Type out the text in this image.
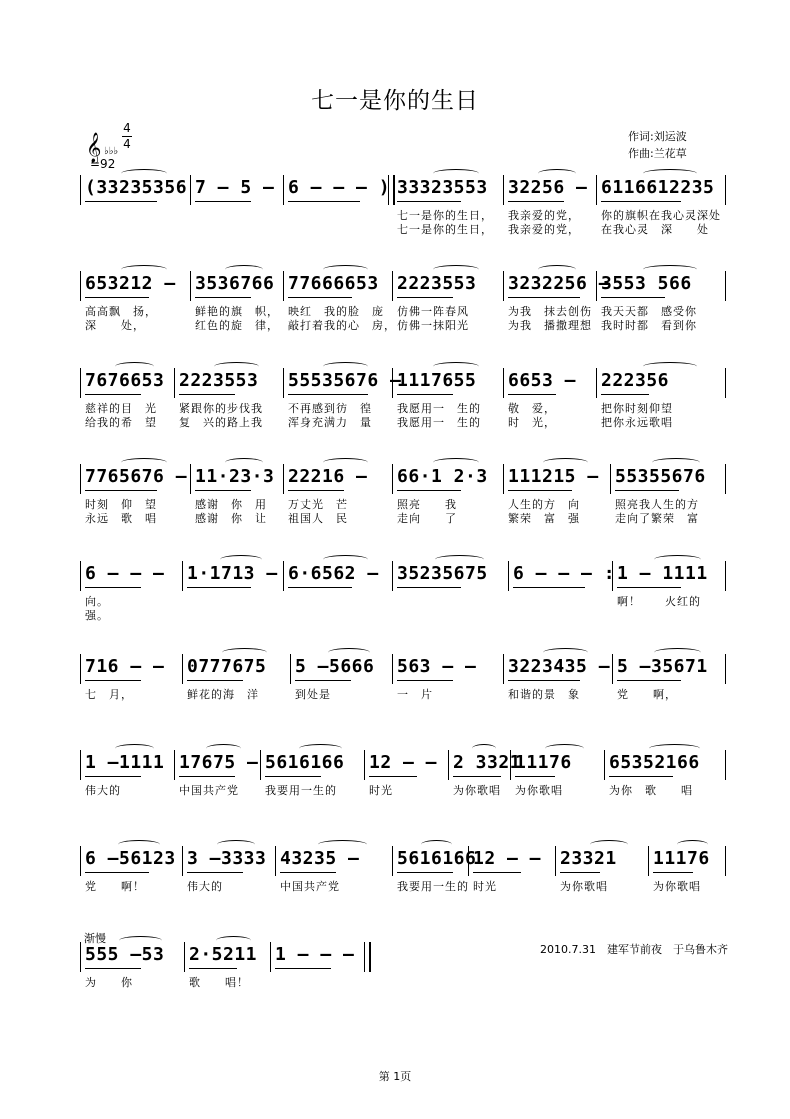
七一是你的生日
作词:刘运波
作曲:兰花草
𝄞 ♭♭♭
4
4
=92
(33235356 7 — 5 — 6 — — — ) 33323553
七一是你的生日，
七一是你的生日，
32256 —
我亲爱的党，
我亲爱的党，
6116612235
你的旗帜在我心灵深处
在我心灵　深　　处
653212 —
高高飘　扬，
深　　处，
3536766
鲜艳的旗　帜，
红色的旋　律，
77666653
映红　我的脸　庞
敲打着我的心　房，
2223553
仿佛一阵春风
仿佛一抹阳光
3232256 —
为我　抹去创伤
为我　播撒理想
3553 566
我天天都　感受你
我时时都　看到你
7676653
慈祥的目　光
给我的希　望
2223553
紧跟你的步伐我
复　兴的路上我
55535676 —
不再感到彷　徨
浑身充满力　量
1117655
我愿用一　生的
我愿用一　生的
6653 —
敬　爱，
时　光，
222356
把你时刻仰望
把你永远歌唱
7765676 —
时刻　仰　望
永远　歌　唱
11·23·3
感谢　你　用
感谢　你　让
22216 —
万丈光　芒
祖国人　民
66·1 2·3
照亮　　我
走向　　了
111215 —
人生的方　向
繁荣　富　强
55355676
照亮我人生的方
走向了繁荣　富
6 — — —
向。
强。
1·1713 — 6·6562 — 35235675 6 — — — : 1 — 1111
啊！　　火红的
716 — —
七　月，
0777675
鲜花的海　洋
5 —5666
到处是
563 — —
一　片
3223435 —
和谐的景　象
5 —35671
党　　啊，
1 —1111
伟大的
17675 —
中国共产党
5616166
我要用一生的
12 — —
时光
2 3321
为你歌唱
11176
为你歌唱
65352166
为你　歌　　唱
6 —56123
党　　啊！
3 —3333
伟大的
43235 —
中国共产党
5616166
我要用一生的
12 — —
时光
23321
为你歌唱
11176
为你歌唱
555 —53
为　　你
2·5211
歌　　唱！
1 — — —
渐慢
2010.7.31　建军节前夜　于乌鲁木齐
第 1页
